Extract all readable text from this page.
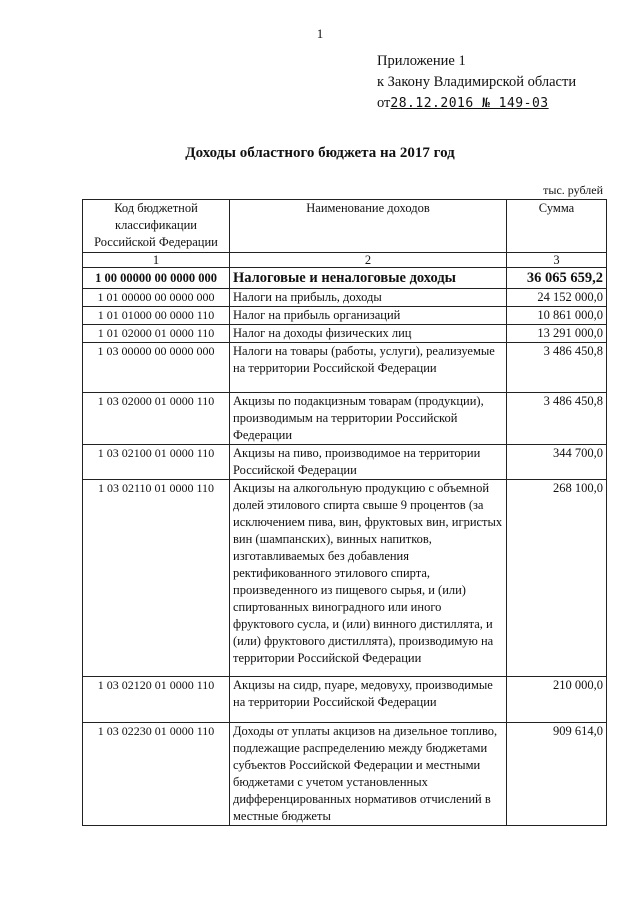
1
Приложение 1
к Закону Владимирской области
от28.12.2016 № 149-03
Доходы областного бюджета на 2017 год
тыс. рублей
Код бюджетной классификации Российской Федерации	Наименование доходов	Сумма
1	2	3
1 00 00000 00 0000 000	Налоговые и неналоговые доходы	36 065 659,2
1 01 00000 00 0000 000	Налоги на прибыль, доходы	24 152 000,0
1 01 01000 00 0000 110	Налог на прибыль организаций	10 861 000,0
1 01 02000 01 0000 110	Налог на доходы физических лиц	13 291 000,0
1 03 00000 00 0000 000	Налоги на товары (работы, услуги), реализуемые на территории Российской Федерации	3 486 450,8
1 03 02000 01 0000 110	Акцизы по подакцизным товарам (продукции), производимым на территории Российской Федерации	3 486 450,8
1 03 02100 01 0000 110	Акцизы на пиво, производимое на территории Российской Федерации	344 700,0
1 03 02110 01 0000 110	Акцизы на алкогольную продукцию с объемной долей этилового спирта свыше 9 процентов (за исключением пива, вин, фруктовых вин, игристых вин (шампанских), винных напитков, изготавливаемых без добавления ректификованного этилового спирта, произведенного из пищевого сырья, и (или) спиртованных виноградного или иного фруктового сусла, и (или) винного дистиллята, и (или) фруктового дистиллята), производимую на территории Российской Федерации	268 100,0
1 03 02120 01 0000 110	Акцизы на сидр, пуаре, медовуху, производимые на территории Российской Федерации	210 000,0
1 03 02230 01 0000 110	Доходы от уплаты акцизов на дизельное топливо, подлежащие распределению между бюджетами субъектов Российской Федерации и местными бюджетами с учетом установленных дифференцированных нормативов отчислений в местные бюджеты	909 614,0
